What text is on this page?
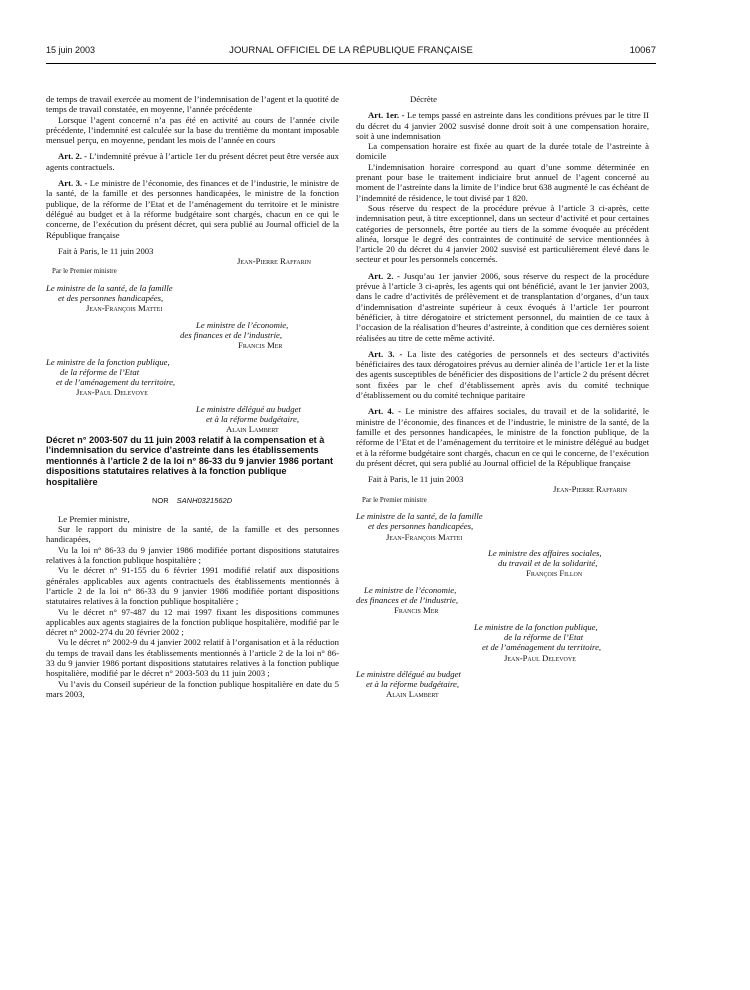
15 juin 2003	JOURNAL OFFICIEL DE LA RÉPUBLIQUE FRANÇAISE	10067

de temps de travail exercée au moment de l’indemnisation de l’agent et la quotité de temps de travail constatée, en moyenne, l’année précédente

Lorsque l’agent concerné n’a pas été en activité au cours de l’année civile précédente, l’indemnité est calculée sur la base du trentième du montant imposable mensuel perçu, en moyenne, pendant les mois de l’année en cours

Art. 2. - L’indemnité prévue à l’article 1er du présent décret peut être versée aux agents contractuels.

Art. 3. - Le ministre de l’économie, des finances et de l’industrie, le ministre de la santé, de la famille et des personnes handicapées, le ministre de la fonction publique, de la réforme de l’Etat et de l’aménagement du territoire et le ministre délégué au budget et à la réforme budgétaire sont chargés, chacun en ce qui le concerne, de l’exécution du présent décret, qui sera publié au Journal officiel de la République française

Fait à Paris, le 11 juin 2003

Jean-Pierre Raffarin

Par le Premier ministre

Le ministre de la santé, de la famille

et des personnes handicapées,

Jean-François Mattei

Le ministre de l’économie,

des finances et de l’industrie,

Francis Mer

Le ministre de la fonction publique,

de la réforme de l’Etat

et de l’aménagement du territoire,

Jean-Paul Delevoye

Le ministre délégué au budget

et à la réforme budgétaire,

Alain Lambert

Décret n° 2003-507 du 11 juin 2003 relatif à la compensation et à l’indemnisation du service d’astreinte dans les établissements mentionnés à l’article 2 de la loi n° 86-33 du 9 janvier 1986 portant dispositions statutaires relatives à la fonction publique hospitalière

NOR SANH0321562D

Le Premier ministre,

Sur le rapport du ministre de la santé, de la famille et des personnes handicapées,

Vu la loi n° 86-33 du 9 janvier 1986 modifiée portant dispositions statutaires relatives à la fonction publique hospitalière ;

Vu le décret n° 91-155 du 6 février 1991 modifié relatif aux dispositions générales applicables aux agents contractuels des établissements mentionnés à l’article 2 de la loi n° 86-33 du 9 janvier 1986 modifiée portant dispositions statutaires relatives à la fonction publique hospitalière ;

Vu le décret n° 97-487 du 12 mai 1997 fixant les dispositions communes applicables aux agents stagiaires de la fonction publique hospitalière, modifié par le décret n° 2002-274 du 20 février 2002 ;

Vu le décret n° 2002-9 du 4 janvier 2002 relatif à l’organisation et à la réduction du temps de travail dans les établissements mentionnés à l’article 2 de la loi n° 86-33 du 9 janvier 1986 portant dispositions statutaires relatives à la fonction publique hospitalière, modifié par le décret n° 2003-503 du 11 juin 2003 ;

Vu l’avis du Conseil supérieur de la fonction publique hospitalière en date du 5 mars 2003,

Décrète

Art. 1er. - Le temps passé en astreinte dans les conditions prévues par le titre II du décret du 4 janvier 2002 susvisé donne droit soit à une compensation horaire, soit à une indemnisation

La compensation horaire est fixée au quart de la durée totale de l’astreinte à domicile

L’indemnisation horaire correspond au quart d’une somme déterminée en prenant pour base le traitement indiciaire brut annuel de l’agent concerné au moment de l’astreinte dans la limite de l’indice brut 638 augmenté le cas échéant de l’indemnité de résidence, le tout divisé par 1 820.

Sous réserve du respect de la procédure prévue à l’article 3 ci-après, cette indemnisation peut, à titre exceptionnel, dans un secteur d’activité et pour certaines catégories de personnels, être portée au tiers de la somme évoquée au précédent alinéa, lorsque le degré des contraintes de continuité de service mentionnées à l’article 20 du décret du 4 janvier 2002 susvisé est particulièrement élevé dans le secteur et pour les personnels concernés.

Art. 2. - Jusqu’au 1er janvier 2006, sous réserve du respect de la procédure prévue à l’article 3 ci-après, les agents qui ont bénéficié, avant le 1er janvier 2003, dans le cadre d’activités de prélèvement et de transplantation d’organes, d’un taux d’indemnisation d’astreinte supérieur à ceux évoqués à l’article 1er pourront bénéficier, à titre dérogatoire et strictement personnel, du maintien de ce taux à l’occasion de la réalisation d’heures d’astreinte, à condition que ces dernières soient réalisées au titre de cette même activité.

Art. 3. - La liste des catégories de personnels et des secteurs d’activités bénéficiaires des taux dérogatoires prévus au dernier alinéa de l’article 1er et la liste des agents susceptibles de bénéficier des dispositions de l’article 2 du présent décret sont fixées par le chef d’établissement après avis du comité technique d’établissement ou du comité technique paritaire

Art. 4. - Le ministre des affaires sociales, du travail et de la solidarité, le ministre de l’économie, des finances et de l’industrie, le ministre de la santé, de la famille et des personnes handicapées, le ministre de la fonction publique, de la réforme de l’Etat et de l’aménagement du territoire et le ministre délégué au budget et à la réforme budgétaire sont chargés, chacun en ce qui le concerne, de l’exécution du présent décret, qui sera publié au Journal officiel de la République française

Fait à Paris, le 11 juin 2003

Jean-Pierre Raffarin

Par le Premier ministre

Le ministre de la santé, de la famille

et des personnes handicapées,

Jean-François Mattei

Le ministre des affaires sociales,

du travail et de la solidarité,

François Fillon

Le ministre de l’économie,

des finances et de l’industrie,

Francis Mer

Le ministre de la fonction publique,

de la réforme de l’Etat

et de l’aménagement du territoire,

Jean-Paul Delevoye

Le ministre délégué au budget

et à la réforme budgétaire,

Alain Lambert
